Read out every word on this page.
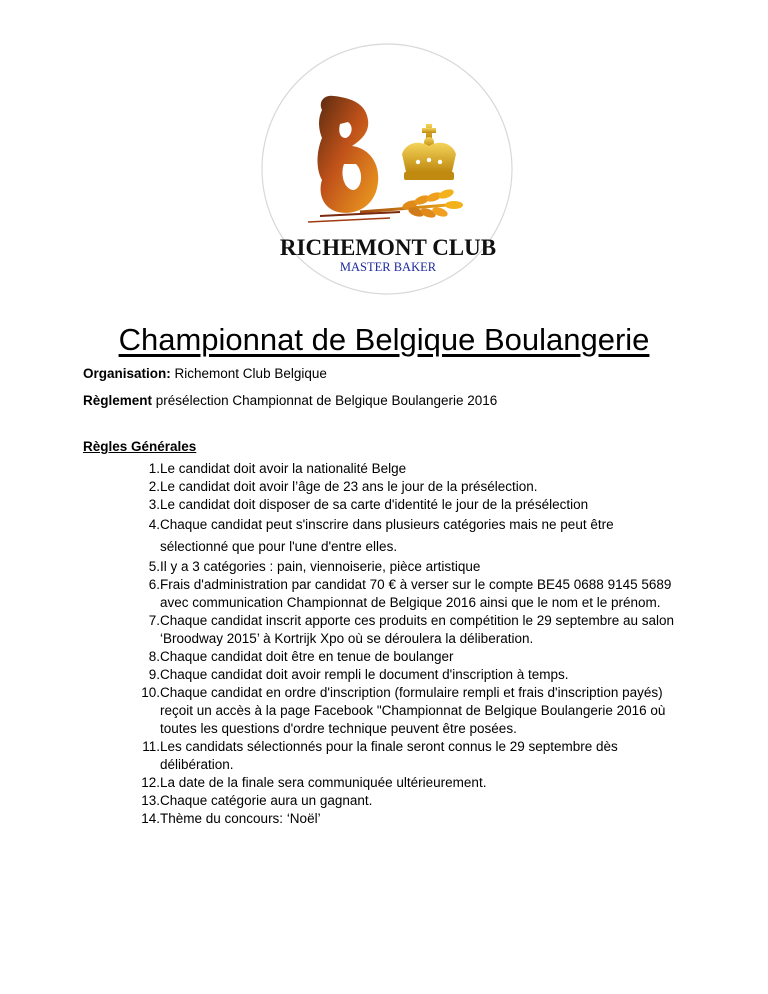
RICHEMONT CLUB
MASTER BAKER
Championnat de Belgique Boulangerie
Organisation: Richemont Club Belgique
Règlement présélection Championnat de Belgique Boulangerie 2016
Règles Générales
1. Le candidat doit avoir la nationalité Belge
2. Le candidat doit avoir l’âge de 23 ans le jour de la présélection.
3. Le candidat doit disposer de sa carte d'identité le jour de la présélection
4. Chaque candidat peut s'inscrire dans plusieurs catégories mais ne peut être sélectionné que pour l'une d'entre elles.
5. Il y a 3 catégories : pain, viennoiserie, pièce artistique
6. Frais d'administration par candidat 70 € à verser sur le compte BE45 0688 9145 5689 avec communication Championnat de Belgique 2016 ainsi que le nom et le prénom.
7. Chaque candidat inscrit apporte ces produits en compétition le 29 septembre au salon ‘Broodway 2015’ à Kortrijk Xpo où se déroulera la déliberation.
8. Chaque candidat doit être en tenue de boulanger
9. Chaque candidat doit avoir rempli le document d'inscription à temps.
10. Chaque candidat en ordre d'inscription (formulaire rempli et frais d'inscription payés) reçoit un accès à la page Facebook "Championnat de Belgique Boulangerie 2016 où toutes les questions d'ordre technique peuvent être posées.
11. Les candidats sélectionnés pour la finale seront connus le 29 septembre dès délibération.
12. La date de la finale sera communiquée ultérieurement.
13. Chaque catégorie aura un gagnant.
14. Thème du concours: ‘Noël’
